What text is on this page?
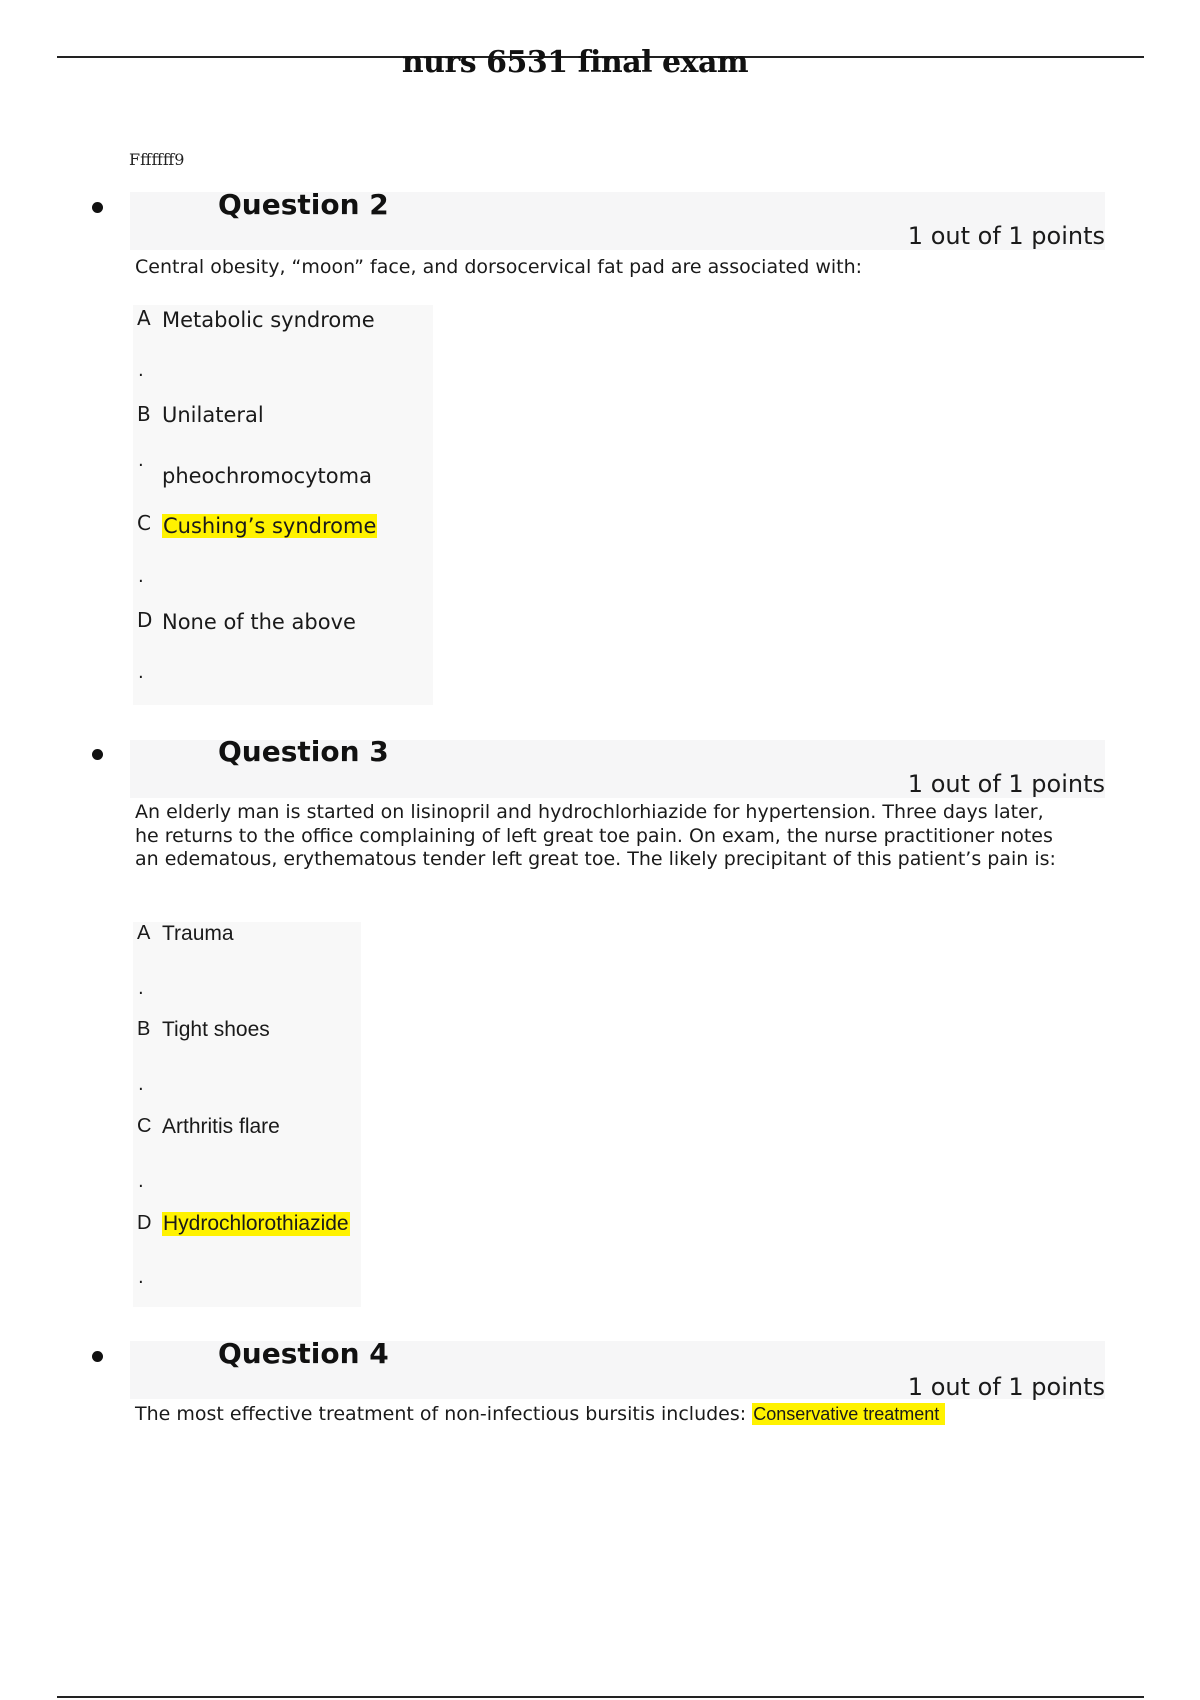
nurs 6531 final exam
Fffffff9
Question 2
1 out of 1 points
Central obesity, “moon” face, and dorsocervical fat pad are associated with:
A Metabolic syndrome
.
B Unilateral
· pheochromocytoma
C Cushing’s syndrome
.
D None of the above
.
Question 3
1 out of 1 points
An elderly man is started on lisinopril and hydrochlorhiazide for hypertension. Three days later, he returns to the office complaining of left great toe pain. On exam, the nurse practitioner notes an edematous, erythematous tender left great toe. The likely precipitant of this patient’s pain is:
A Trauma
.
B Tight shoes
.
C Arthritis flare
.
D Hydrochlorothiazide
.
Question 4
1 out of 1 points
The most effective treatment of non-infectious bursitis includes: Conservative treatment
